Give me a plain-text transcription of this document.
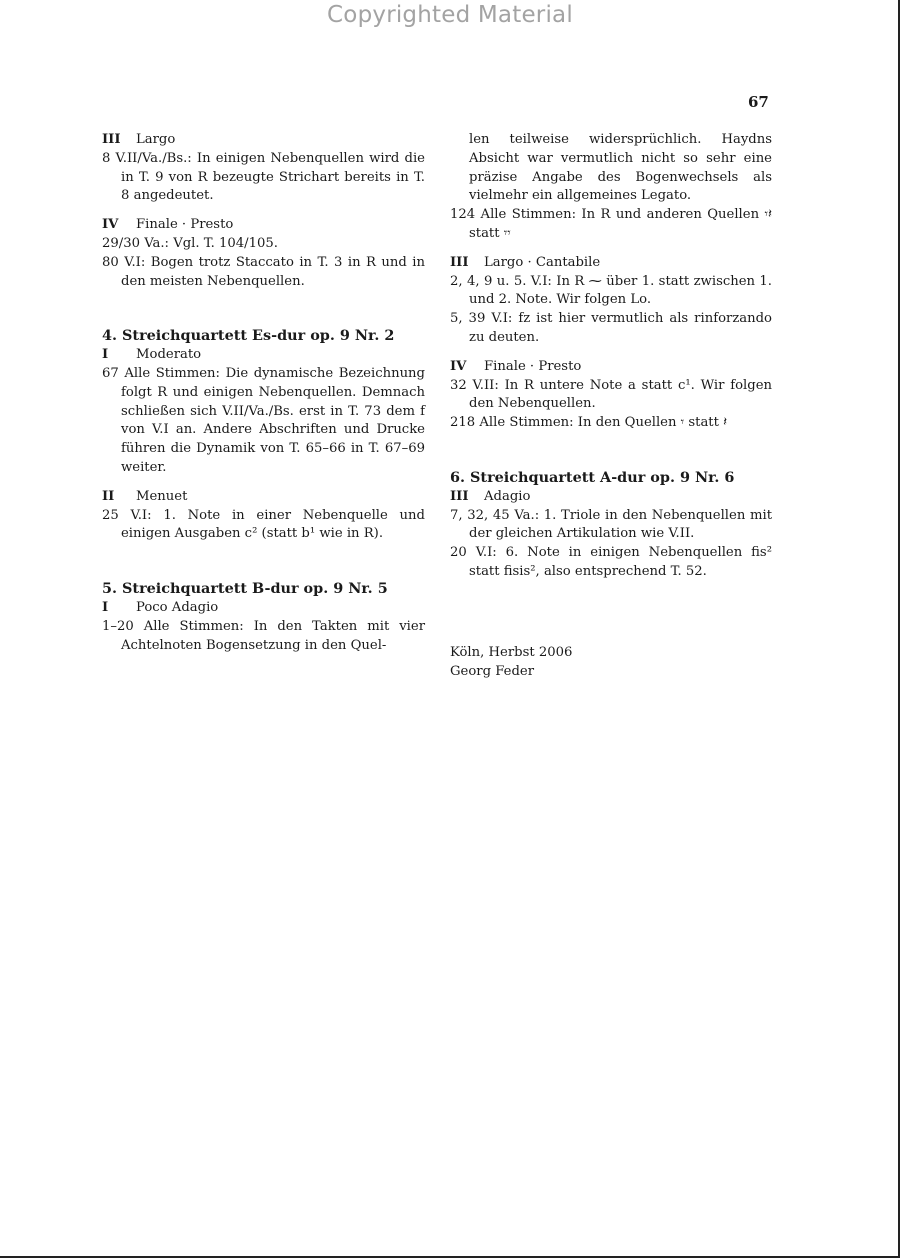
Copyrighted Material
67

III Largo

8 V.II/Va./Bs.: In einigen Nebenquellen wird die in T. 9 von R bezeugte Strichart bereits in T. 8 angedeutet.

IV Finale · Presto

29/30 Va.: Vgl. T. 104/105.

80 V.I: Bogen trotz Staccato in T. 3 in R und in den meisten Nebenquellen.

4. Streichquartett Es-dur op. 9 Nr. 2

I Moderato

67 Alle Stimmen: Die dynamische Bezeichnung folgt R und einigen Nebenquellen. Demnach schließen sich V.II/Va./Bs. erst in T. 73 dem f von V.I an. Andere Abschriften und Drucke führen die Dynamik von T. 65–66 in T. 67–69 weiter.

II Menuet

25 V.I: 1. Note in einer Nebenquelle und einigen Ausgaben c² (statt b¹ wie in R).

5. Streichquartett B-dur op. 9 Nr. 5

I Poco Adagio

1–20 Alle Stimmen: In den Takten mit vier Achtelnoten Bogensetzung in den Quel-

len teilweise widersprüchlich. Haydns Absicht war vermutlich nicht so sehr eine präzise Angabe des Bogenwechsels als vielmehr ein allgemeines Legato.

124 Alle Stimmen: In R und anderen Quellen 𝄾𝄽 statt 𝄾𝄾

III Largo · Cantabile

2, 4, 9 u. 5. V.I: In R ⁓ über 1. statt zwischen 1. und 2. Note. Wir folgen Lo.

5, 39 V.I: fz ist hier vermutlich als rinforzando zu deuten.

IV Finale · Presto

32 V.II: In R untere Note a statt c¹. Wir folgen den Nebenquellen.

218 Alle Stimmen: In den Quellen 𝄾 statt 𝄽

6. Streichquartett A-dur op. 9 Nr. 6

III Adagio

7, 32, 45 Va.: 1. Triole in den Nebenquellen mit der gleichen Artikulation wie V.II.

20 V.I: 6. Note in einigen Nebenquellen fis² statt fisis², also entsprechend T. 52.

Köln, Herbst 2006

Georg Feder
